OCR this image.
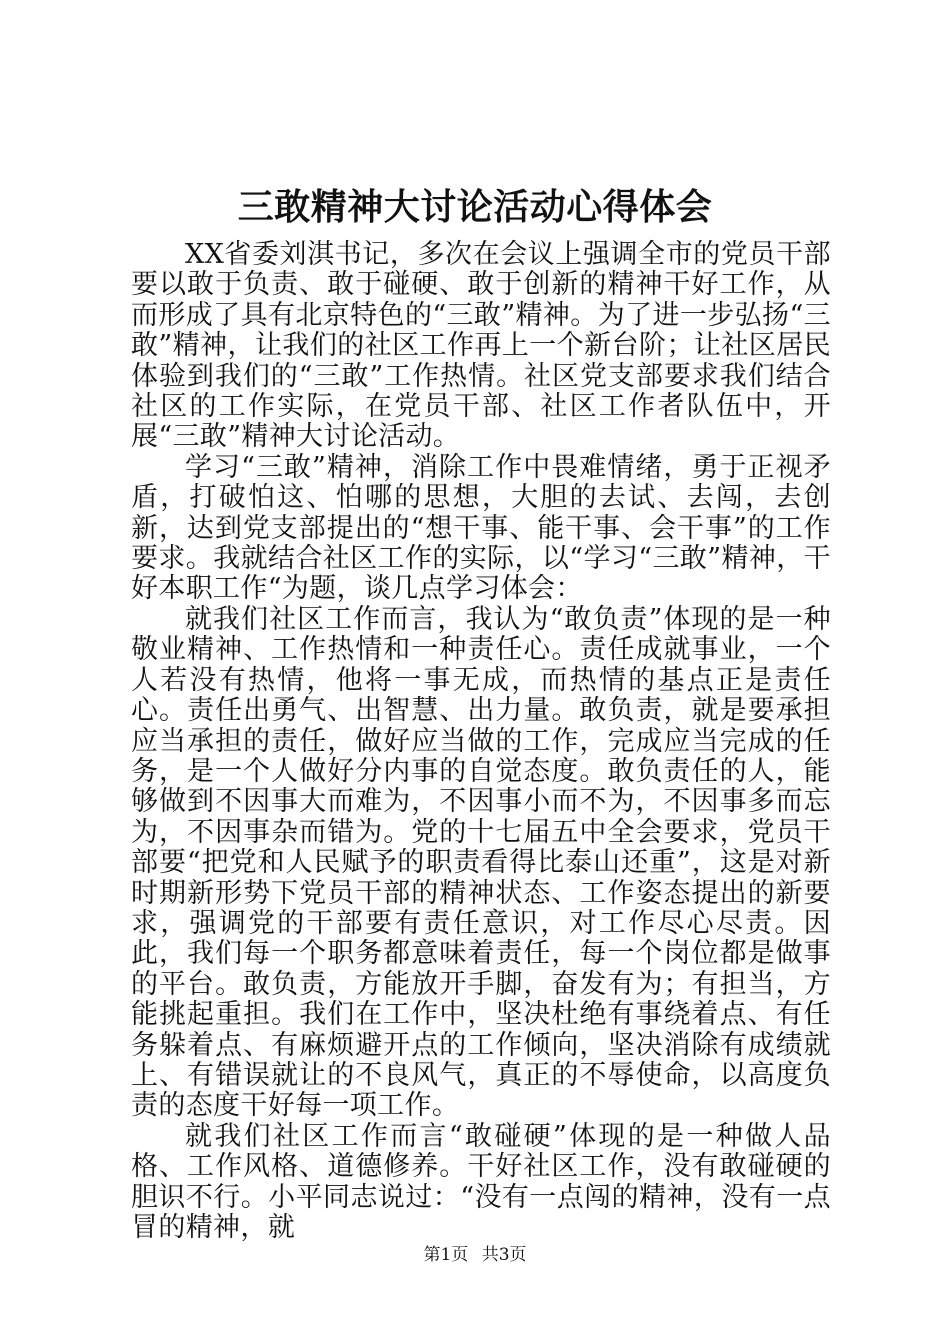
三敢精神大讨论活动心得体会

XX省委刘淇书记，多次在会议上强调全市的党员干部要以敢于负责、敢于碰硬、敢于创新的精神干好工作，从而形成了具有北京特色的“三敢”精神。为了进一步弘扬“三敢”精神，让我们的社区工作再上一个新台阶；让社区居民体验到我们的“三敢”工作热情。社区党支部要求我们结合社区的工作实际，在党员干部、社区工作者队伍中，开展“三敢”精神大讨论活动。

学习“三敢”精神，消除工作中畏难情绪，勇于正视矛盾，打破怕这、怕哪的思想，大胆的去试、去闯，去创新，达到党支部提出的“想干事、能干事、会干事”的工作要求。我就结合社区工作的实际，以“学习“三敢”精神，干好本职工作“为题，谈几点学习体会：

就我们社区工作而言，我认为“敢负责”体现的是一种敬业精神、工作热情和一种责任心。责任成就事业，一个人若没有热情，他将一事无成，而热情的基点正是责任心。责任出勇气、出智慧、出力量。敢负责，就是要承担应当承担的责任，做好应当做的工作，完成应当完成的任务，是一个人做好分内事的自觉态度。敢负责任的人，能够做到不因事大而难为，不因事小而不为，不因事多而忘为，不因事杂而错为。党的十七届五中全会要求，党员干部要“把党和人民赋予的职责看得比泰山还重”，这是对新时期新形势下党员干部的精神状态、工作姿态提出的新要求，强调党的干部要有责任意识，对工作尽心尽责。因此，我们每一个职务都意味着责任，每一个岗位都是做事的平台。敢负责，方能放开手脚，奋发有为；有担当，方能挑起重担。我们在工作中，坚决杜绝有事绕着点、有任务躲着点、有麻烦避开点的工作倾向，坚决消除有成绩就上、有错误就让的不良风气，真正的不辱使命，以高度负责的态度干好每一项工作。

就我们社区工作而言“敢碰硬”体现的是一种做人品格、工作风格、道德修养。干好社区工作，没有敢碰硬的胆识不行。小平同志说过：“没有一点闯的精神，没有一点冒的精神，就

第1页 共3页
